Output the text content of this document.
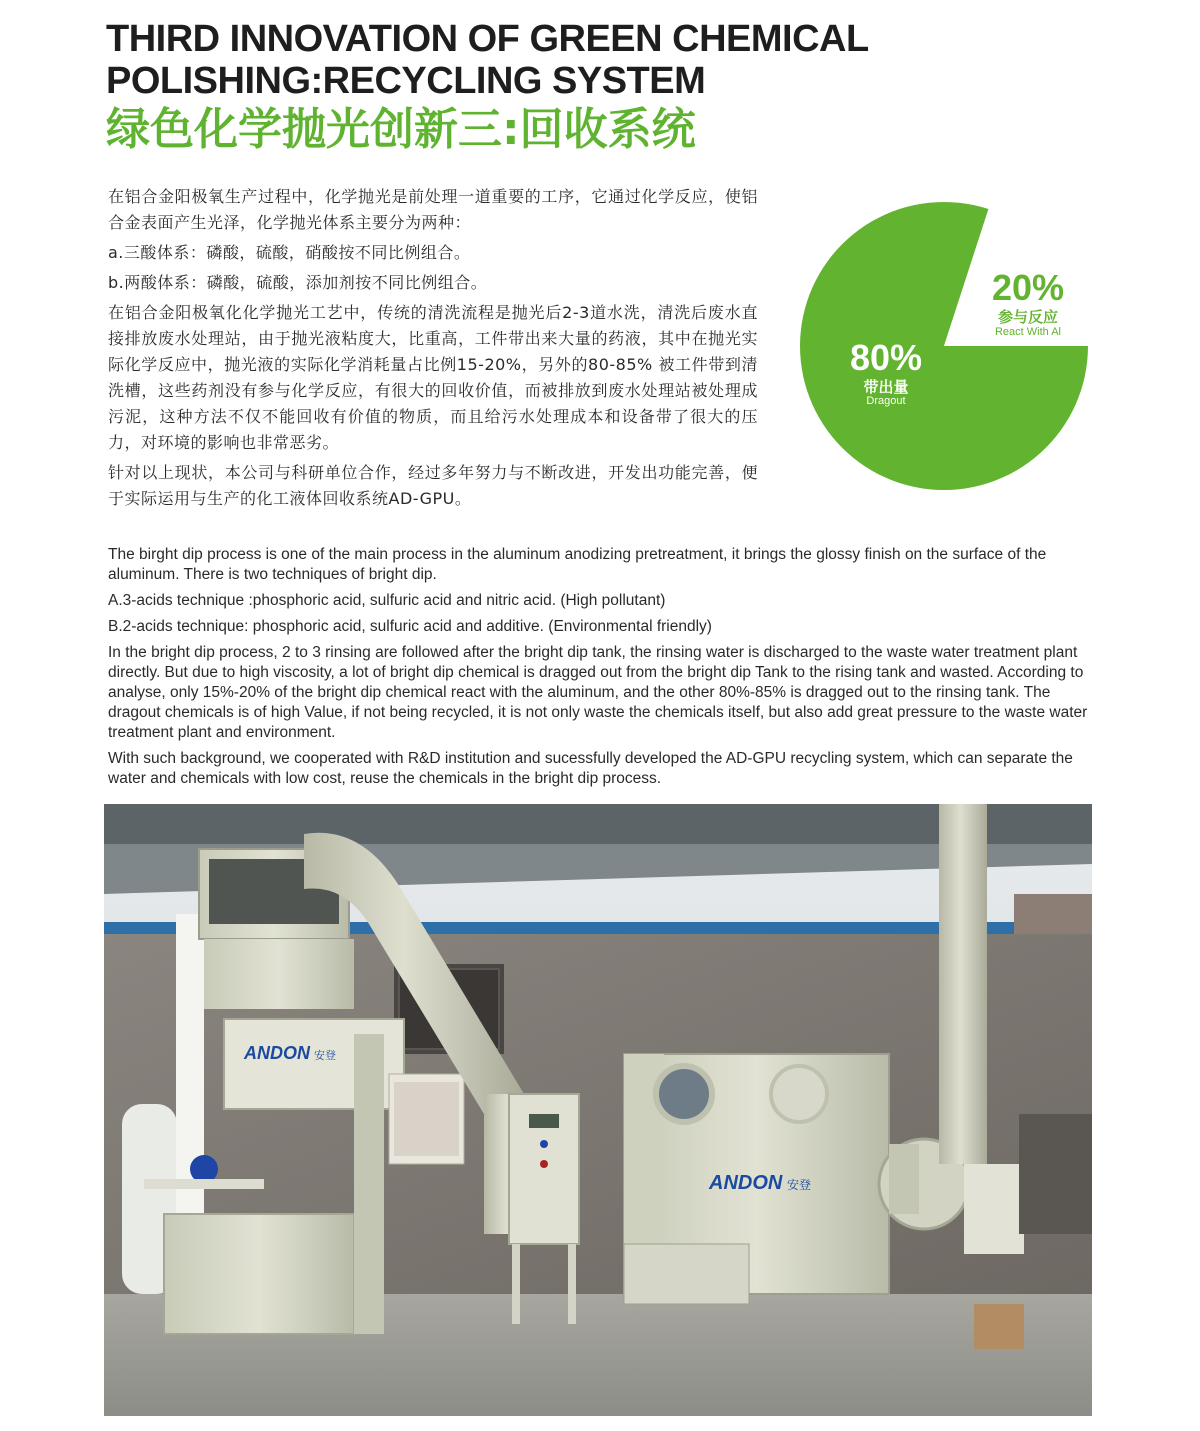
THIRD INNOVATION OF GREEN CHEMICAL
POLISHING:RECYCLING SYSTEM
绿色化学抛光创新三:回收系统

在铝合金阳极氧生产过程中，化学抛光是前处理一道重要的工序，它通过化学反应，使铝合金表面产生光泽，化学抛光体系主要分为两种：

a.三酸体系：磷酸，硫酸，硝酸按不同比例组合。

b.两酸体系：磷酸，硫酸，添加剂按不同比例组合。

在铝合金阳极氧化化学抛光工艺中，传统的清洗流程是抛光后2-3道水洗，清洗后废水直接排放废水处理站，由于抛光液粘度大，比重高，工件带出来大量的药液，其中在抛光实际化学反应中，抛光液的实际化学消耗量占比例15-20%，另外的80-85% 被工件带到清洗槽，这些药剂没有参与化学反应，有很大的回收价值，而被排放到废水处理站被处理成污泥，这种方法不仅不能回收有价值的物质，而且给污水处理成本和设备带了很大的压力，对环境的影响也非常恶劣。

针对以上现状，本公司与科研单位合作，经过多年努力与不断改进，开发出功能完善，便于实际运用与生产的化工液体回收系统AD-GPU。

80%
带出量
Dragout
20%
参与反应
React With Al

The birght dip process is one of the main process in the aluminum anodizing pretreatment, it brings the glossy finish on the surface of the aluminum. There is two techniques of bright dip.

A.3-acids technique :phosphoric acid, sulfuric acid and nitric acid. (High pollutant)

B.2-acids technique: phosphoric acid, sulfuric acid and additive. (Environmental friendly)

In the bright dip process, 2 to 3 rinsing are followed after the bright dip tank, the rinsing water is discharged to the waste water treatment plant directly. But due to high viscosity, a lot of bright dip chemical is dragged out from the bright dip Tank to the rising tank and wasted. According to analyse, only 15%-20% of the bright dip chemical react with the aluminum, and the other 80%-85% is dragged out to the rinsing tank. The dragout chemicals is of high Value, if not being recycled, it is not only waste the chemicals itself, but also add great pressure to the waste water treatment plant and environment.

With such background, we cooperated with R&D institution and sucessfully developed the AD-GPU recycling system, which can separate the water and chemicals with low cost, reuse the chemicals in the bright dip process.

ANDON 安登
ANDON 安登
